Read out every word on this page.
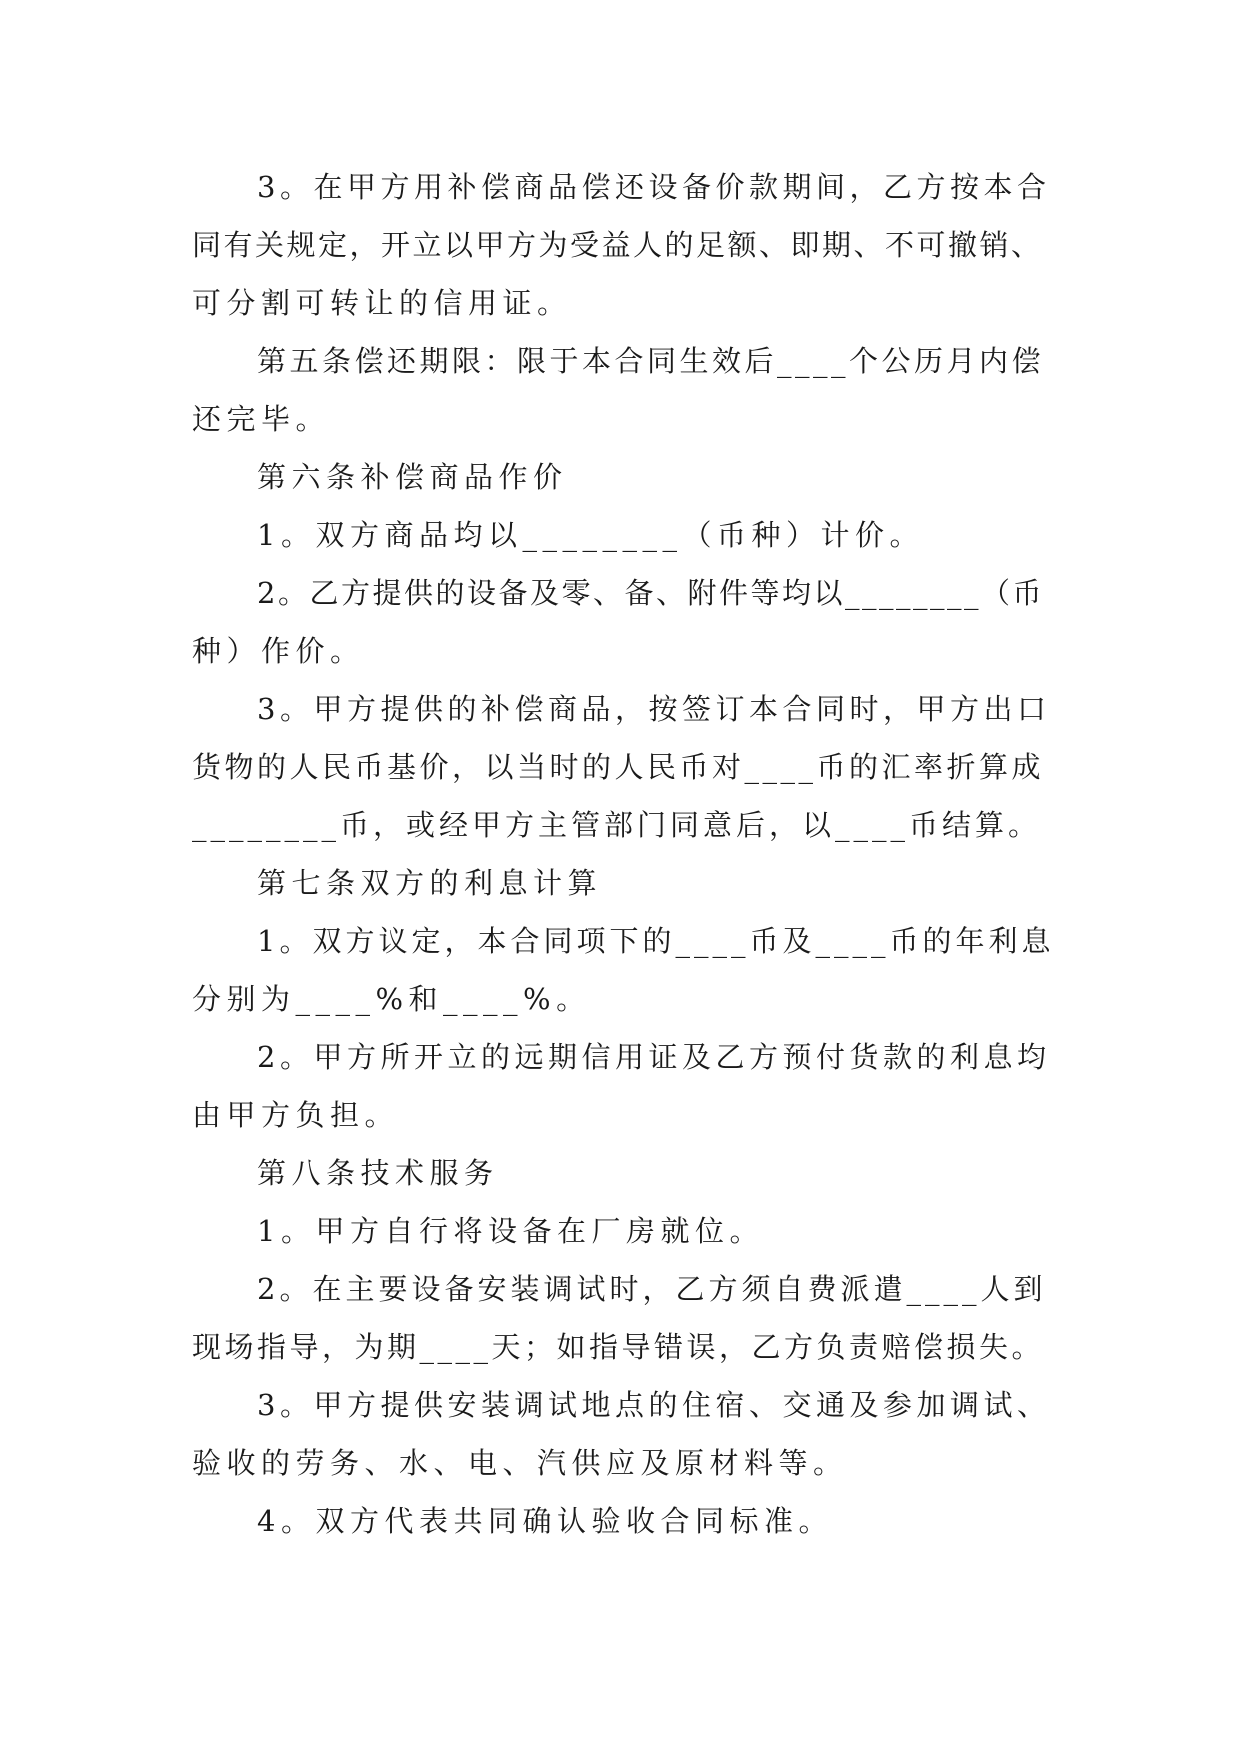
3。在甲方用补偿商品偿还设备价款期间，乙方按本合
同有关规定，开立以甲方为受益人的足额、即期、不可撤销、
可分割可转让的信用证。
第五条偿还期限：限于本合同生效后____个公历月内偿
还完毕。
第六条补偿商品作价
1。双方商品均以________（币种）计价。
2。乙方提供的设备及零、备、附件等均以________（币
种）作价。
3。甲方提供的补偿商品，按签订本合同时，甲方出口
货物的人民币基价，以当时的人民币对____币的汇率折算成
________币，或经甲方主管部门同意后，以____币结算。
第七条双方的利息计算
1。双方议定，本合同项下的____币及____币的年利息
分别为____%和____%。
2。甲方所开立的远期信用证及乙方预付货款的利息均
由甲方负担。
第八条技术服务
1。甲方自行将设备在厂房就位。
2。在主要设备安装调试时，乙方须自费派遣____人到
现场指导，为期____天；如指导错误，乙方负责赔偿损失。
3。甲方提供安装调试地点的住宿、交通及参加调试、
验收的劳务、水、电、汽供应及原材料等。
4。双方代表共同确认验收合同标准。
